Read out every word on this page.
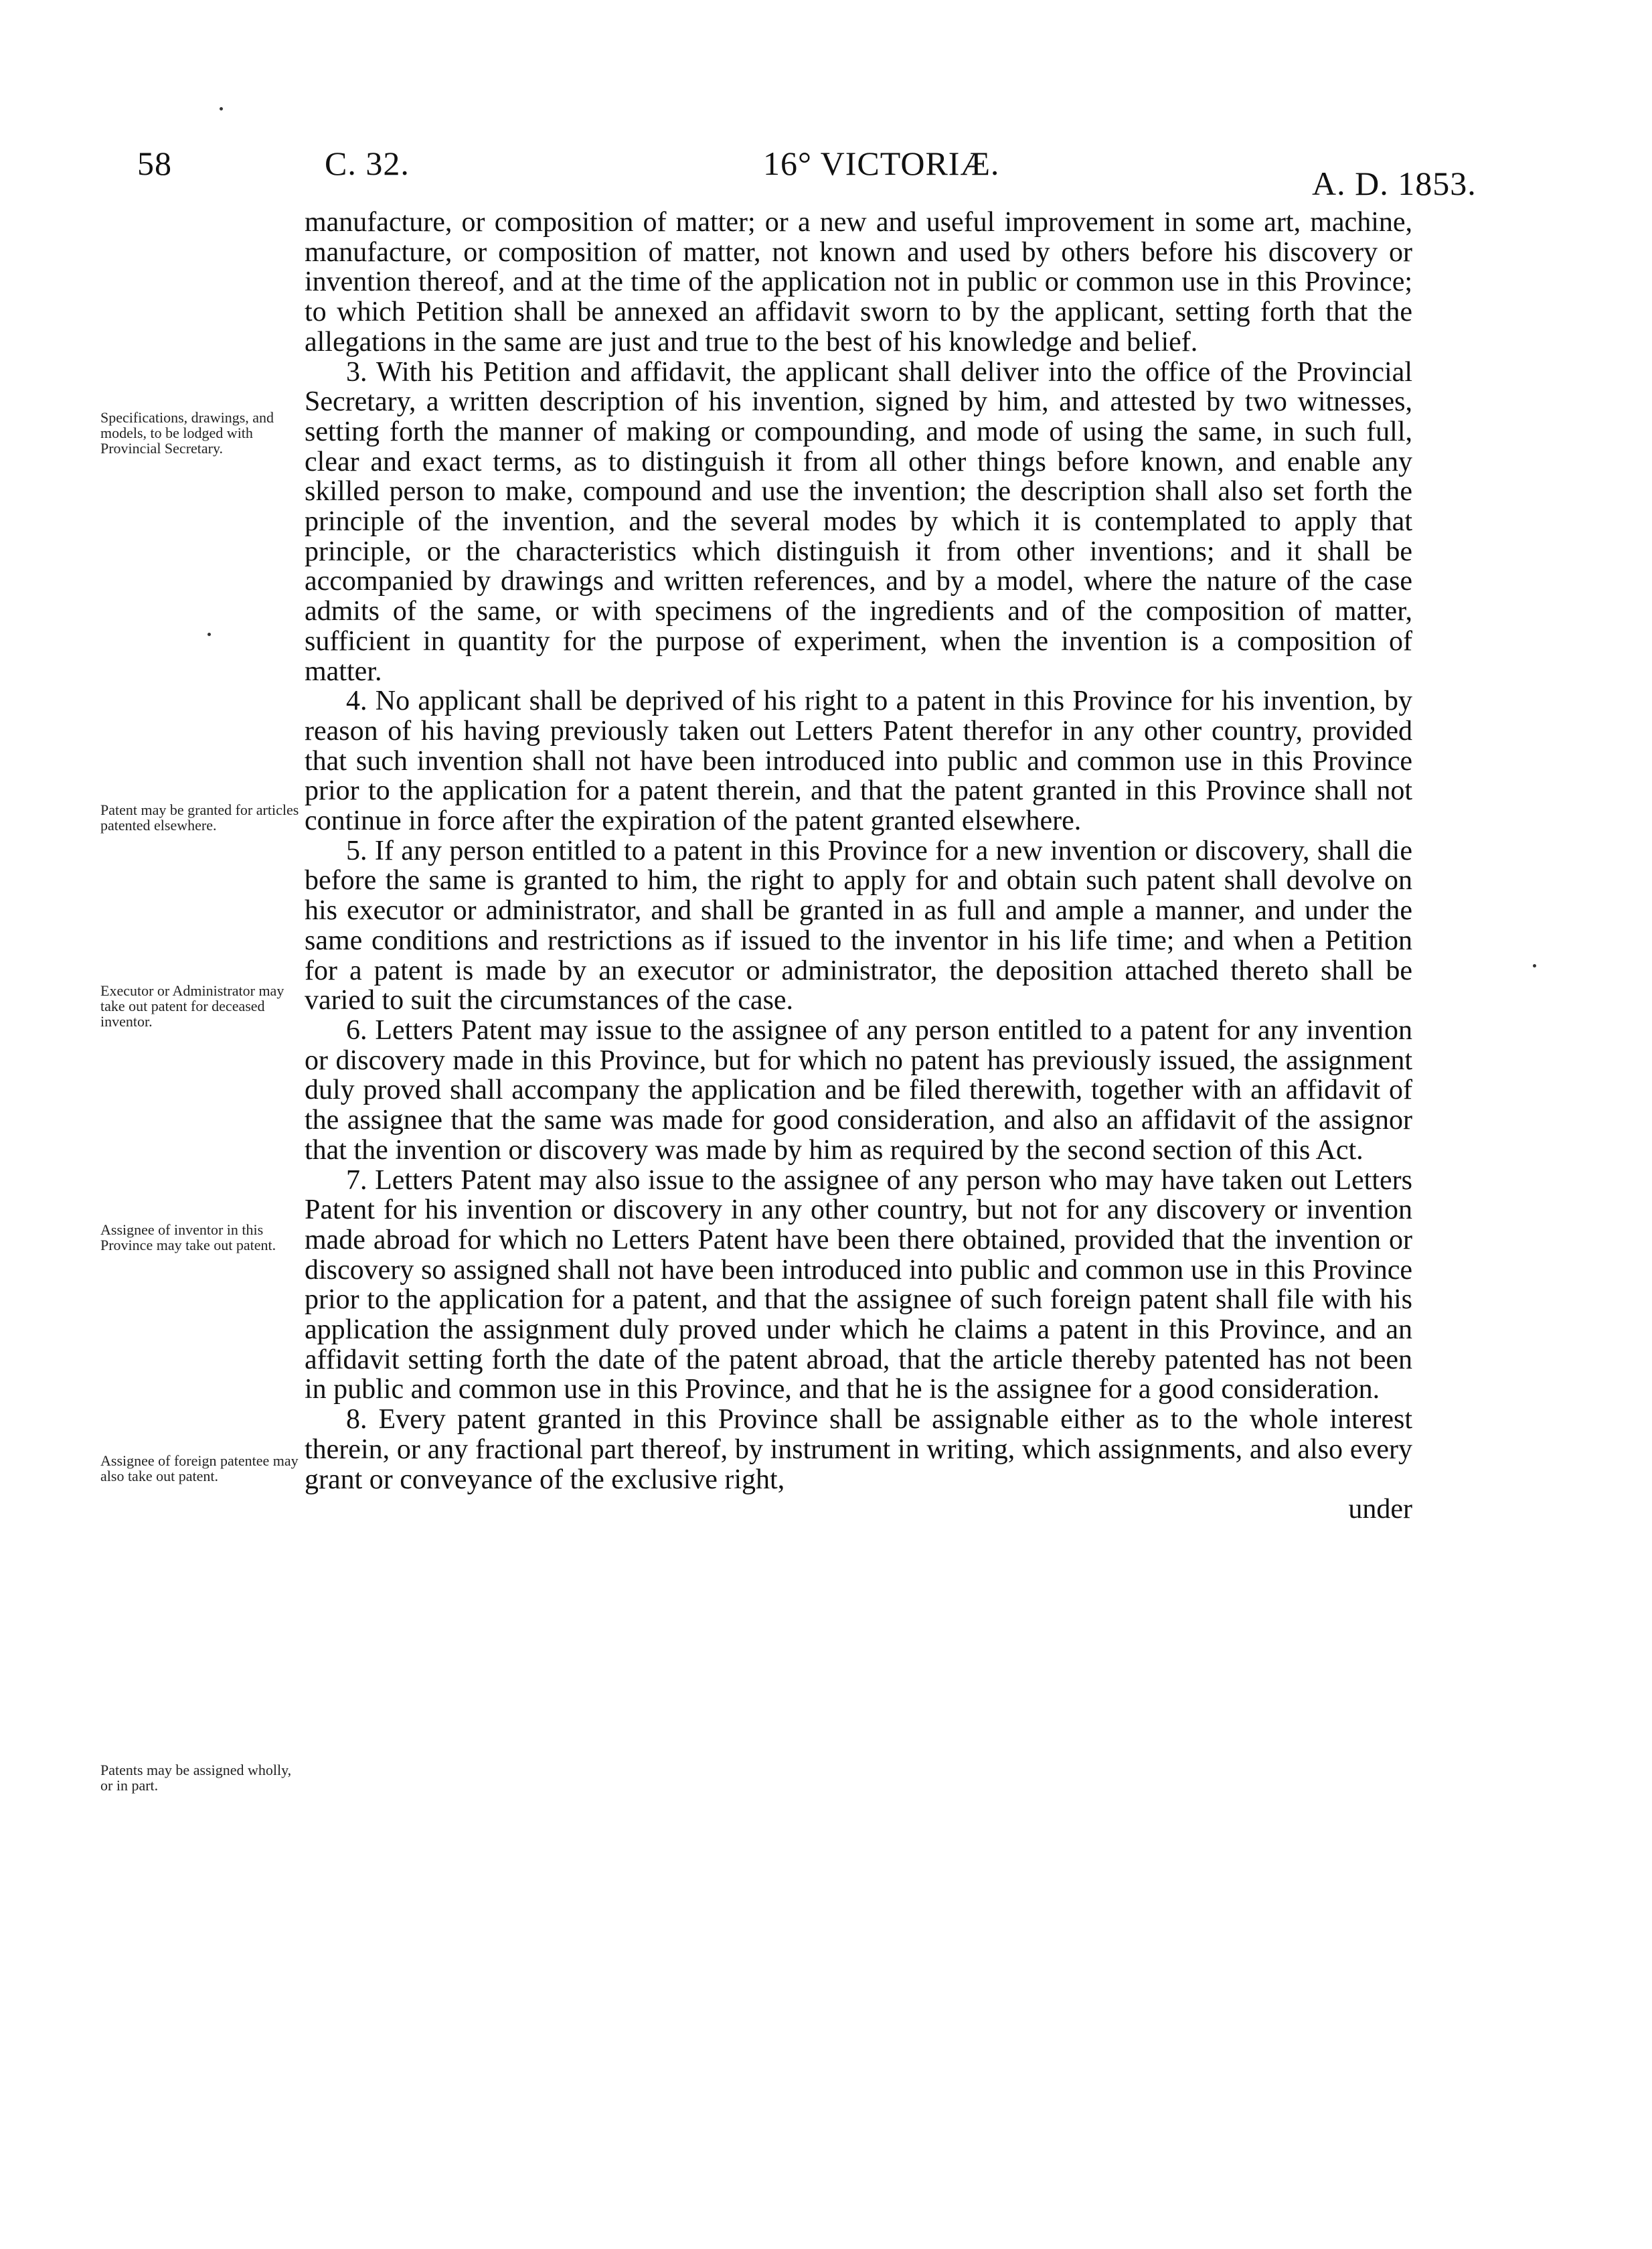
58	C. 32.	16° VICTORIÆ.
A. D. 1853.
Specifications, drawings, and models, to be lodged with Provincial Secretary.
Patent may be granted for articles patented elsewhere.
Executor or Administrator may take out patent for deceased inventor.
Assignee of inventor in this Province may take out patent.
Assignee of foreign patentee may also take out patent.
Patents may be assigned wholly, or in part.

manufacture, or composition of matter; or a new and useful improvement in some art, machine, manufacture, or composition of matter, not known and used by others before his discovery or invention thereof, and at the time of the application not in public or common use in this Province; to which Petition shall be annexed an affidavit sworn to by the applicant, setting forth that the allegations in the same are just and true to the best of his knowledge and belief.

3. With his Petition and affidavit, the applicant shall deliver into the office of the Provincial Secretary, a written description of his invention, signed by him, and attested by two witnesses, setting forth the manner of making or compounding, and mode of using the same, in such full, clear and exact terms, as to distinguish it from all other things before known, and enable any skilled person to make, compound and use the invention; the description shall also set forth the principle of the invention, and the several modes by which it is contemplated to apply that principle, or the characteristics which distinguish it from other inventions; and it shall be accompanied by drawings and written references, and by a model, where the nature of the case admits of the same, or with specimens of the ingredients and of the composition of matter, sufficient in quantity for the purpose of experiment, when the invention is a composition of matter.

4. No applicant shall be deprived of his right to a patent in this Province for his invention, by reason of his having previously taken out Letters Patent therefor in any other country, provided that such invention shall not have been introduced into public and common use in this Province prior to the application for a patent therein, and that the patent granted in this Province shall not continue in force after the expiration of the patent granted elsewhere.

5. If any person entitled to a patent in this Province for a new invention or discovery, shall die before the same is granted to him, the right to apply for and obtain such patent shall devolve on his executor or administrator, and shall be granted in as full and ample a manner, and under the same conditions and restrictions as if issued to the inventor in his life time; and when a Petition for a patent is made by an executor or administrator, the deposition attached thereto shall be varied to suit the circumstances of the case.

6. Letters Patent may issue to the assignee of any person entitled to a patent for any invention or discovery made in this Province, but for which no patent has previously issued, the assignment duly proved shall accompany the application and be filed therewith, together with an affidavit of the assignee that the same was made for good consideration, and also an affidavit of the assignor that the invention or discovery was made by him as required by the second section of this Act.

7. Letters Patent may also issue to the assignee of any person who may have taken out Letters Patent for his invention or discovery in any other country, but not for any discovery or invention made abroad for which no Letters Patent have been there obtained, provided that the invention or discovery so assigned shall not have been introduced into public and common use in this Province prior to the application for a patent, and that the assignee of such foreign patent shall file with his application the assignment duly proved under which he claims a patent in this Province, and an affidavit setting forth the date of the patent abroad, that the article thereby patented has not been in public and common use in this Province, and that he is the assignee for a good consideration.

8. Every patent granted in this Province shall be assignable either as to the whole interest therein, or any fractional part thereof, by instrument in writing, which assignments, and also every grant or conveyance of the exclusive right,

under
